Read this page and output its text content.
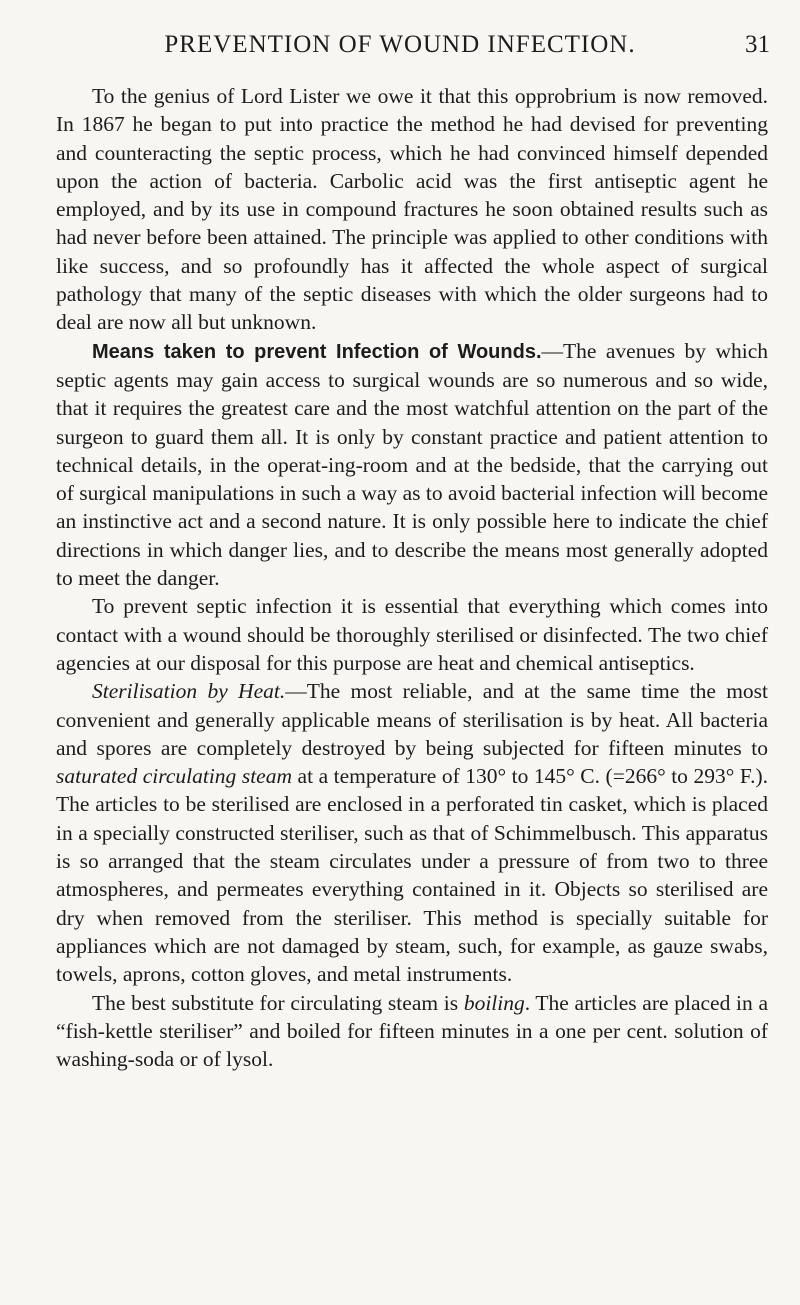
PREVENTION OF WOUND INFECTION.	31

To the genius of Lord Lister we owe it that this opprobrium is now removed. In 1867 he began to put into practice the method he had devised for preventing and counteracting the septic process, which he had convinced himself depended upon the action of bacteria. Carbolic acid was the first antiseptic agent he employed, and by its use in compound fractures he soon obtained results such as had never before been attained. The principle was applied to other conditions with like success, and so profoundly has it affected the whole aspect of surgical pathology that many of the septic diseases with which the older surgeons had to deal are now all but unknown.

Means taken to prevent Infection of Wounds.—The avenues by which septic agents may gain access to surgical wounds are so numerous and so wide, that it requires the greatest care and the most watchful attention on the part of the surgeon to guard them all. It is only by constant practice and patient attention to technical details, in the operat-ing-room and at the bedside, that the carrying out of surgical manipulations in such a way as to avoid bacterial infection will become an instinctive act and a second nature. It is only possible here to indicate the chief directions in which danger lies, and to describe the means most generally adopted to meet the danger.

To prevent septic infection it is essential that everything which comes into contact with a wound should be thoroughly sterilised or disinfected. The two chief agencies at our disposal for this purpose are heat and chemical antiseptics.

Sterilisation by Heat.—The most reliable, and at the same time the most convenient and generally applicable means of sterilisation is by heat. All bacteria and spores are completely destroyed by being subjected for fifteen minutes to saturated circulating steam at a temperature of 130° to 145° C. (=266° to 293° F.). The articles to be sterilised are enclosed in a perforated tin casket, which is placed in a specially constructed steriliser, such as that of Schimmelbusch. This apparatus is so arranged that the steam circulates under a pressure of from two to three atmospheres, and permeates everything contained in it. Objects so sterilised are dry when removed from the steriliser. This method is specially suitable for appliances which are not damaged by steam, such, for example, as gauze swabs, towels, aprons, cotton gloves, and metal instruments.

The best substitute for circulating steam is boiling. The articles are placed in a “fish-kettle steriliser” and boiled for fifteen minutes in a one per cent. solution of washing-soda or of lysol.
